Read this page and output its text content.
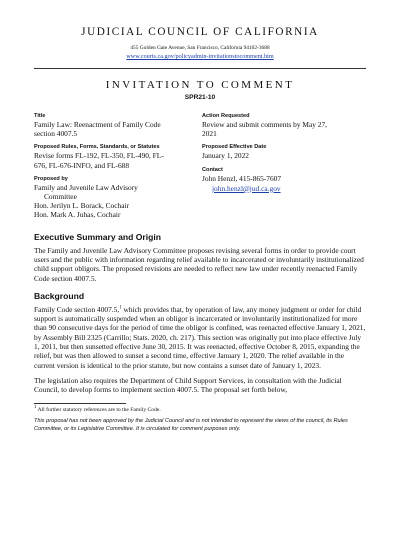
JUDICIAL COUNCIL OF CALIFORNIA
455 Golden Gate Avenue, San Francisco, California 94102-3688
www.courts.ca.gov/policyadmin-invitationstocomment.htm
INVITATION TO COMMENT
SPR21-10
Title
Family Law: Reenactment of Family Code
section 4007.5
Proposed Rules, Forms, Standards, or Statutes
Revise forms FL-192, FL-350, FL-490, FL-
676, FL-676-INFO, and FL-688
Proposed by
Family and Juvenile Law Advisory
Committee
Hon. Jerilyn L. Borack, Cochair
Hon. Mark A. Juhas, Cochair
Action Requested
Review and submit comments by May 27,
2021
Proposed Effective Date
January 1, 2022
Contact
John Henzl, 415-865-7607
john.henzl@jud.ca.gov
Executive Summary and Origin
The Family and Juvenile Law Advisory Committee proposes revising several forms in order to provide court users and the public with information regarding relief available to incarcerated or involuntarily institutionalized child support obligors. The proposed revisions are needed to reflect new law under recently reenacted Family Code section 4007.5.
Background
Family Code section 4007.5,$^1$ which provides that, by operation of law, any money judgment or order for child support is automatically suspended when an obligor is incarcerated or involuntarily institutionalized for more than 90 consecutive days for the period of time the obligor is confined, was reenacted effective January 1, 2021, by Assembly Bill 2325 (Carrillo; Stats. 2020, ch. 217). This section was originally put into place effective July 1, 2011, but then sunsetted effective June 30, 2015. It was reenacted, effective October 8, 2015, expanding the relief, but was then allowed to sunset a second time, effective January 1, 2020. The relief available in the current version is identical to the prior statute, but now contains a sunset date of January 1, 2023.
The legislation also requires the Department of Child Support Services, in consultation with the Judicial Council, to develop forms to implement section 4007.5. The proposal set forth below,
$^1$ All further statutory references are to the Family Code.
This proposal has not been approved by the Judicial Council and is not intended to represent the views of the council, its Rules Committee, or its Legislative Committee. It is circulated for comment purposes only.
